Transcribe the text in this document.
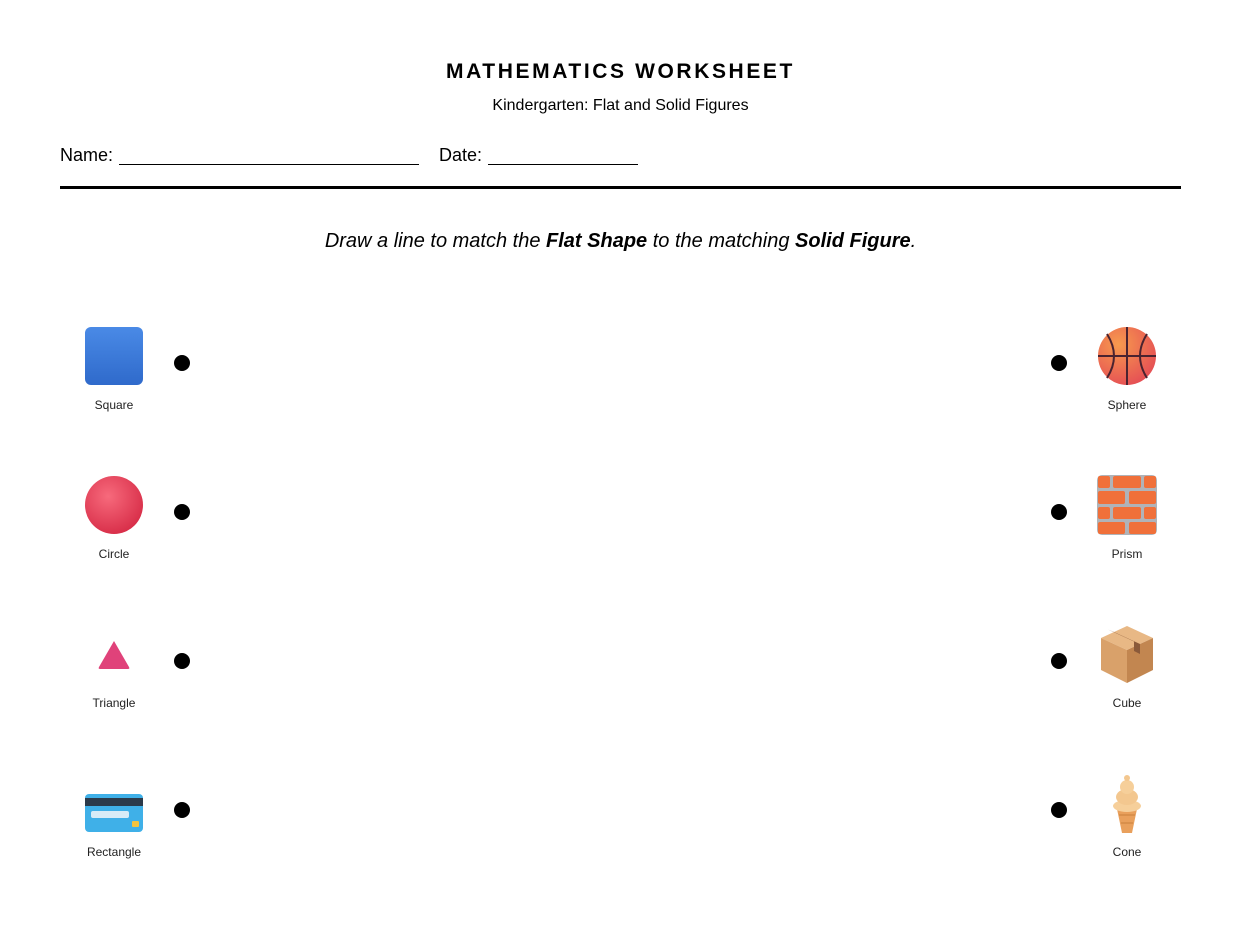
MATHEMATICS WORKSHEET
Kindergarten: Flat and Solid Figures
Name:	Date:
Draw a line to match the Flat Shape to the matching Solid Figure.
Square
Circle
Triangle
Rectangle
Sphere
Prism
Cube
Cone
